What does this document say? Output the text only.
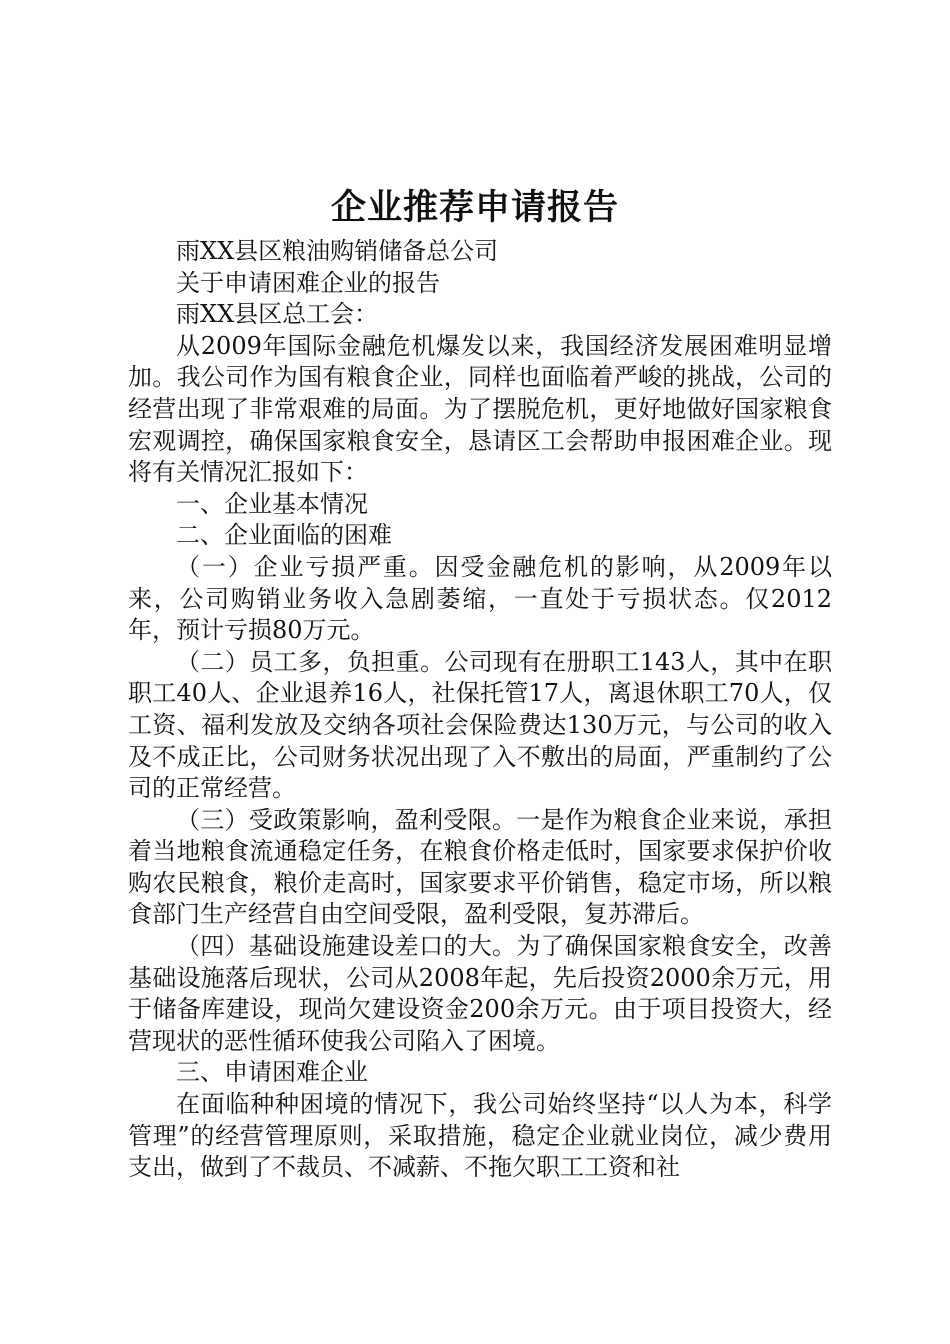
企业推荐申请报告

雨XX县区粮油购销储备总公司

关于申请困难企业的报告

雨XX县区总工会：

从2009年国际金融危机爆发以来，我国经济发展困难明显增加。我公司作为国有粮食企业，同样也面临着严峻的挑战，公司的经营出现了非常艰难的局面。为了摆脱危机，更好地做好国家粮食宏观调控，确保国家粮食安全，恳请区工会帮助申报困难企业。现将有关情况汇报如下：

一、企业基本情况

二、企业面临的困难

（一）企业亏损严重。因受金融危机的影响，从2009年以来，公司购销业务收入急剧萎缩，一直处于亏损状态。仅2012年，预计亏损80万元。

（二）员工多，负担重。公司现有在册职工143人，其中在职职工40人、企业退养16人，社保托管17人，离退休职工70人，仅工资、福利发放及交纳各项社会保险费达130万元，与公司的收入及不成正比，公司财务状况出现了入不敷出的局面，严重制约了公司的正常经营。

（三）受政策影响，盈利受限。一是作为粮食企业来说，承担着当地粮食流通稳定任务，在粮食价格走低时，国家要求保护价收购农民粮食，粮价走高时，国家要求平价销售，稳定市场，所以粮食部门生产经营自由空间受限，盈利受限，复苏滞后。

（四）基础设施建设差口的大。为了确保国家粮食安全，改善基础设施落后现状，公司从2008年起，先后投资2000余万元，用于储备库建设，现尚欠建设资金200余万元。由于项目投资大，经营现状的恶性循环使我公司陷入了困境。

三、申请困难企业

在面临种种困境的情况下，我公司始终坚持“以人为本，科学管理”的经营管理原则，采取措施，稳定企业就业岗位，减少费用支出，做到了不裁员、不减薪、不拖欠职工工资和社
